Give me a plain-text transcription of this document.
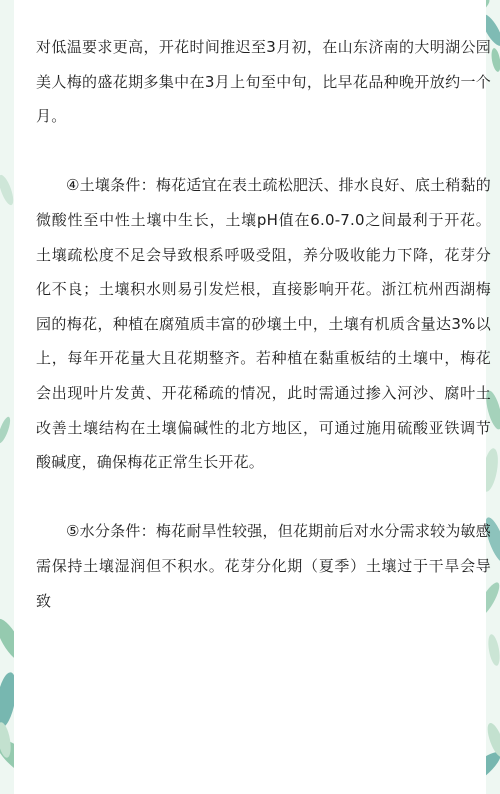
对低温要求更高，开花时间推迟至3月初，在山东济南的大明湖公园美人梅的盛花期多集中在3月上旬至中旬，比早花品种晚开放约一个月。

④土壤条件：梅花适宜在表土疏松肥沃、排水良好、底土稍黏的微酸性至中性土壤中生长，土壤pH值在6.0-7.0之间最利于开花。土壤疏松度不足会导致根系呼吸受阻，养分吸收能力下降，花芽分化不良；土壤积水则易引发烂根，直接影响开花。浙江杭州西湖梅园的梅花，种植在腐殖质丰富的砂壤土中，土壤有机质含量达3%以上，每年开花量大且花期整齐。若种植在黏重板结的土壤中，梅花会出现叶片发黄、开花稀疏的情况，此时需通过掺入河沙、腐叶土改善土壤结构在土壤偏碱性的北方地区，可通过施用硫酸亚铁调节酸碱度，确保梅花正常生长开花。

⑤水分条件：梅花耐旱性较强，但花期前后对水分需求较为敏感需保持土壤湿润但不积水。花芽分化期（夏季）土壤过于干旱会导致
